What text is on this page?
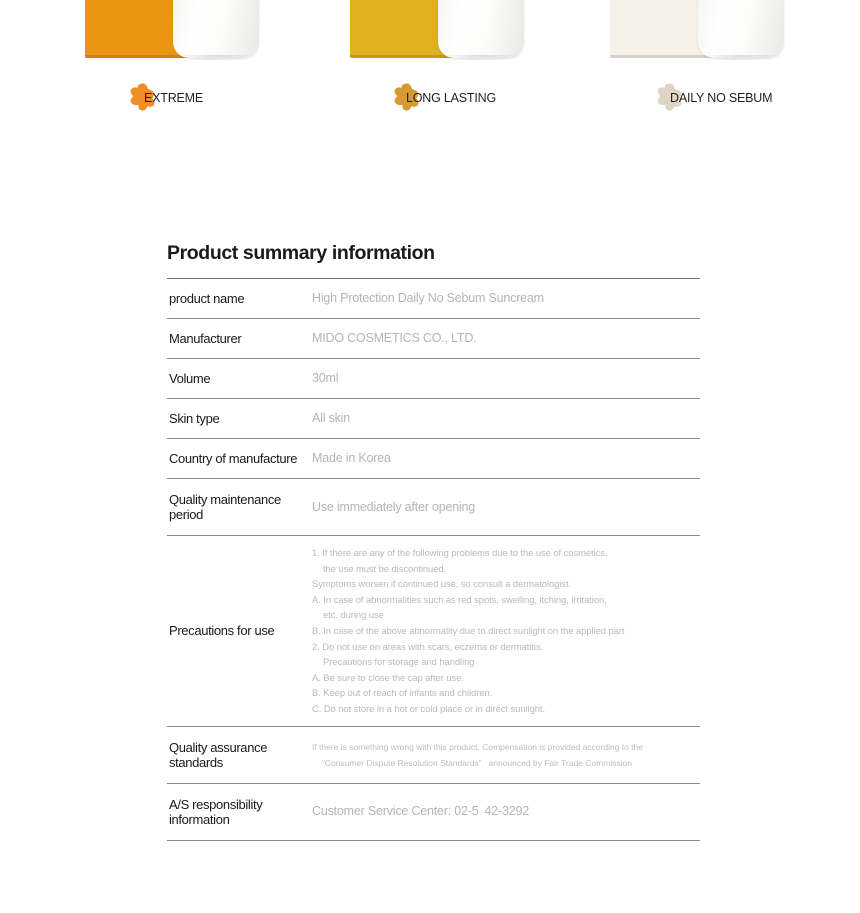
EXTREME	LONG LASTING	DAILY NO SEBUM
Product summary information
product name	High Protection Daily No Sebum Suncream
Manufacturer	MIDO COSMETICS CO., LTD.
Volume	30ml
Skin type	All skin
Country of manufacture	Made in Korea
Quality maintenance period	Use immediately after opening
Precautions for use	
1. If there are any of the following problems due to the use of cosmetics,
the use must be discontinued.
Symptoms worsen if continued use, so consult a dermatologist.
A. In case of abnormalities such as red spots, swelling, itching, irritation,
etc. during use
B. In case of the above abnormality due to direct sunlight on the applied part
2. Do not use on areas with scars, eczema or dermatitis.
Precautions for storage and handling
A. Be sure to close the cap after use.
B. Keep out of reach of infants and children.
C. Do not store in a hot or cold place or in direct sunlight.

Quality assurance standards	If there is something wrong with this product, Compensation is provided according to the
“Consumer Dispute Resolution Standards” announced by Fair Trade Commission

A/S responsibility information	Customer Service Center: 02‑5 42‑3292
